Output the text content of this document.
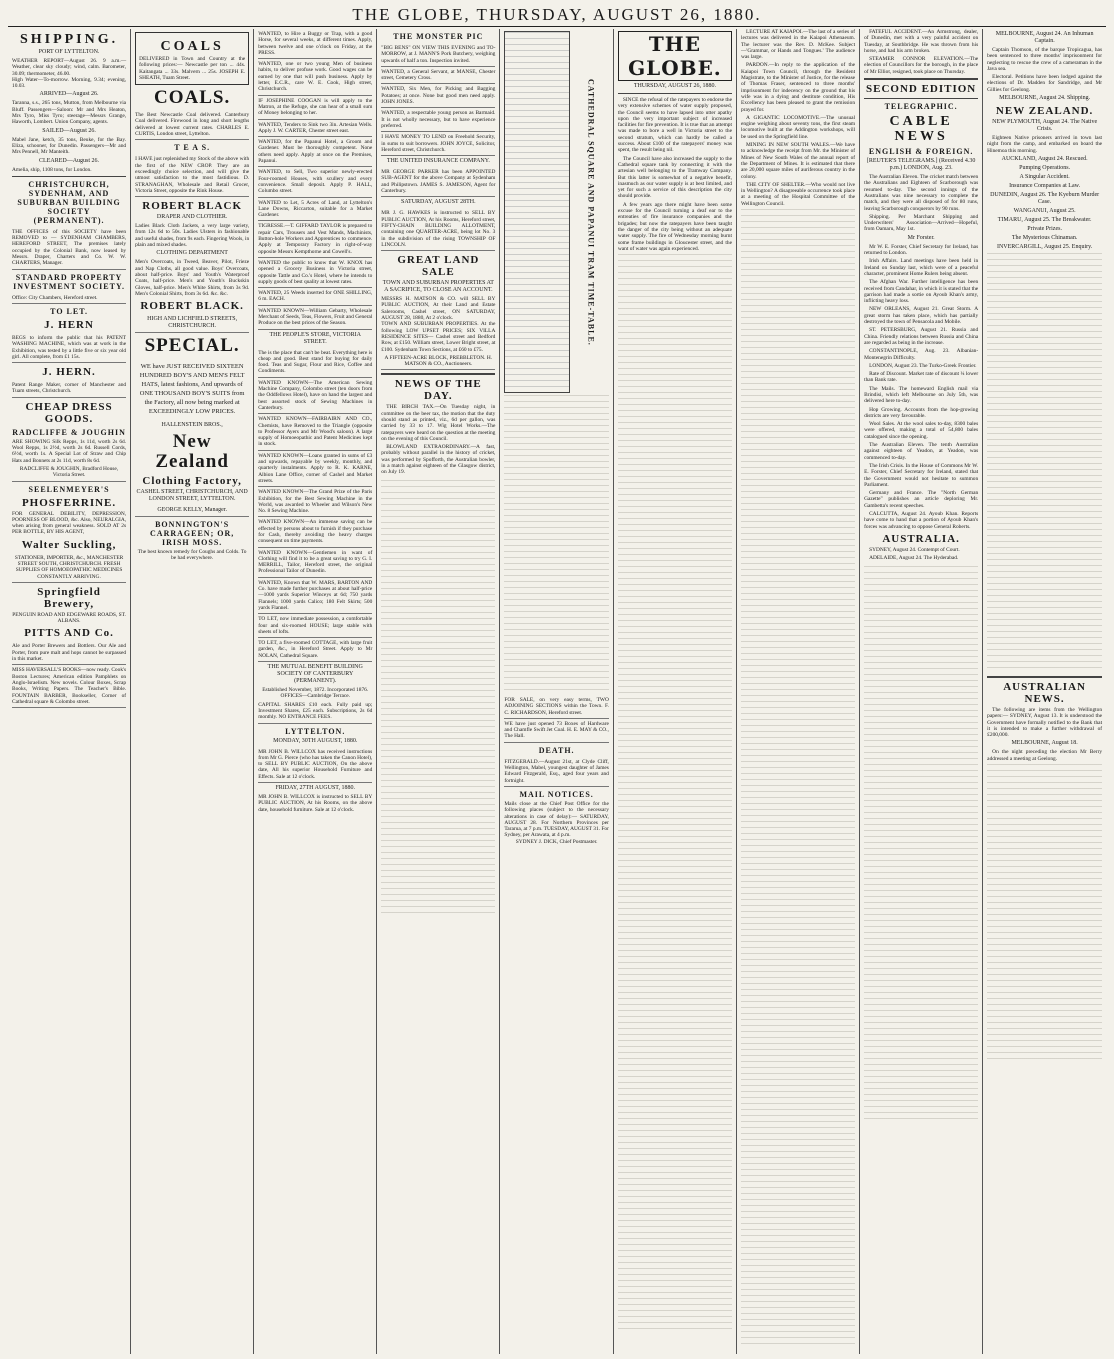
THE GLOBE, THURSDAY, AUGUST 26, 1880.
SHIPPING.
PORT OF LYTTELTON.
WEATHER REPORT—August 26. 9 a.m.—Weather, clear sky cloudy; wind, calm. Barometer, 30.09; thermometer, 46.00.
High Water—To-morrow. Morning, 9.34; evening, 10.03.
ARRIVED—August 26.
Taranna, s.s., 265 tons, Mutton, from Melbourne via Bluff. Passengers—Saloon: Mr and Mrs Heaton, Mrs Tyro, Miss Tyro; steerage—Messrs Grange, Haworth, Lombert. Union Company, agents.
SAILED—August 26.
Mabel Jane, ketch, 35 tons, Beuke, for the Bay. Eliza, schooner, for Dunedin. Passengers—Mr and Mrs Pennell, Mr Manteith.
CLEARED—August 26.
Amelia, ship, 1108 tons, for London.
CHRISTCHURCH, SYDENHAM, AND SUBURBAN BUILDING SOCIETY (PERMANENT).
THE OFFICES of this SOCIETY have been REMOVED to — SYDENHAM CHAMBERS, HEREFORD STREET, The premises lately occupied by the Colonial Bank, now leased by Messrs. Draper, Charters and Co. W. W. CHARTERS, Manager.
STANDARD PROPERTY INVESTMENT SOCIETY.
Office: City Chambers, Hereford street.
TO LET.
J. HERN
BEGS to inform the public that his PATENT WASHING MACHINE, which was at work in the Exhibition, was tested by a little five or six year old girl. All complete, from £1 15s.
J. HERN.
Patent Range Maker, corner of Manchester and Tuam streets, Christchurch.
CHEAP DRESS GOODS.
RADCLIFFE & JOUGHIN
ARE SHOWING Silk Repps, 1s 11d, worth 2s 6d. Wool Repps, 1s 2½d, worth 2s 6d. Russell Cords, 6½d, worth 1s. A Special Lot of Straw and Chip Hats and Bonnets at 2s 11d, worth 8s 6d.
RADCLIFFE & JOUGHIN, Bradford House, Victoria Street.
SEELENMEYER'S
PHOSFERRINE.
FOR GENERAL DEBILITY, DEPRESSION, POORNESS OF BLOOD, &c. Also, NEURALGIA, when arising from general weakness. SOLD AT 2s PER BOTTLE, BY HIS AGENT,
Walter Suckling,
STATIONER, IMPORTER, &c., MANCHESTER STREET SOUTH, CHRISTCHURCH. FRESH SUPPLIES OF HOMOEOPATHIC MEDICINES CONSTANTLY ARRIVING.
Springfield Brewery,
PENGUIN ROAD AND EDGEWARE ROADS, ST. ALBANS.
PITTS AND Co.
Ale and Porter Brewers and Bottlers. Our Ale and Porter, from pure malt and hops cannot be surpassed in this market.
MISS HAVERSALL'S BOOKS—now ready. Cook's Boston Lectures; American edition Pamphlets on Anglo-Israelism. New novels. Colour Boxes, Scrap Books, Writing Papers. The Teacher's Bible. FOUNTAIN BARBER, Bookseller, Corner of Cathedral square & Colombo street.
COALS
DELIVERED in Town and Country at the following prices:— Newcastle per ton ... 44s. Kaitangata ... 33s. Malvern ... 25s. JOSEPH E. SHEATH, Tuam Street.
COALS.
The Best Newcastle Coal delivered. Canterbury Coal delivered. Firewood in long and short lengths delivered at lowest current rates. CHARLES E. CURTIS, London street, Lyttelton.
T E A S.
I HAVE just replenished my Stock of the above with the first of the NEW CROP. They are an exceedingly choice selection, and will give the utmost satisfaction to the most fastidious. D. STRANAGHAN, Wholesale and Retail Grocer, Victoria Street, opposite the Rink House.
ROBERT BLACK
DRAPER AND CLOTHIER.
Ladies Black Cloth Jackets, a very large variety, from 12s 6d to 50s. Ladies Ulsters in fashionable and useful shades, from 9s each. Fingering Wools, in plain and mixed shades.
CLOTHING DEPARTMENT
Men's Overcoats, in Tweed, Beaver, Pilot, Frieze and Nap Cloths, all good value. Boys' Overcoats, about half-price. Boys' and Youth's Waterproof Coats, half-price. Men's and Youth's Buckskin Gloves, half-price. Men's White Shirts, from 3s 9d. Men's Colonial Shirts, from 3s 6d. &c. &c.
ROBERT BLACK.
HIGH AND LICHFIELD STREETS, CHRISTCHURCH.
SPECIAL.
WE have JUST RECEIVED SIXTEEN HUNDRED BOY'S AND MEN'S FELT HATS, latest fashions, And upwards of ONE THOUSAND BOY'S SUITS from the Factory, all now being marked at EXCEEDINGLY LOW PRICES.
HALLENSTEIN BROS.,
New Zealand
Clothing Factory,
CASHEL STREET, CHRISTCHURCH, AND LONDON STREET, LYTTELTON.
GEORGE KELLY, Manager.
BONNINGTON'S CARRAGEEN; OR, IRISH MOSS.
The best known remedy for Coughs and Colds. To be had everywhere.
WANTED, to Hire a Buggy or Trap, with a good Horse, for several weeks, at different times. Apply, between twelve and one o'clock on Friday, at the PRESS.
WANTED, one or two young Men of business habits, to deliver profuse work. Good wages can be earned by one that will push business. Apply by letter, E.C.R., care W. E. Cook, High street, Christchurch.
IF JOSEPHINE COOGAN is will apply to the Matron, at the Refuge, she can hear of a small sum of Money belonging to her.
WANTED, Tenders to Sink two 3in. Artesian Wells. Apply J. W. CARTER, Chester street east.
WANTED, for the Papanui Hotel, a Groom and Gardener. Must be thoroughly competent. None others need apply. Apply at once on the Premises, Papanui.
WANTED, to Sell, Two superior newly-erected Four-roomed Houses, with scullery and every convenience. Small deposit. Apply P. HALL, Columbo street.
WANTED to Let, 5 Acres of Land, at Lyttelton's Lane Downs, Riccarton, suitable for a Market Gardener.
TIGRESSE.—T. GIFFARD TAYLOR is prepared to repair Cars, Trousers and Vest Mands, Machinists, Button-hole Workers and Apprentices to commence. Apply at Temporary Factory in right-of-way opposite Messrs Kempthorne and Cowell's.
WANTED the public to know that W. KNOX has opened a Grocery Business in Victoria street, opposite Tattle and Co.'s Hotel, where he intends to supply goods of best quality at lowest rates.
WANTED, 25 Weeds inserted for ONE SHILLING, 6 m. EACH.
WANTED KNOWN—William Gebarty, Wholesale Merchant of Seeds, Teas, Flowers, Fruit and General Produce on the best prices of the Season.
THE PEOPLE'S STORE, VICTORIA STREET.
The is the place that can't be beat. Everything here is cheap and good. Best stand for buying for daily food. Teas and Sugar, Flour and Rice, Coffee and Condiments.
WANTED KNOWN—The American Sewing Machine Company, Colombo street (ten doors from the Oddfellows Hotel), have on hand the largest and best assorted stock of Sewing Machines in Canterbury.
WANTED KNOWN—FAIRBAIRN AND CO., Chemists, have Removed to the Triangle (opposite to Professor Ayers and Mr Wood's saloon). A large supply of Homoeopathic and Patent Medicines kept in stock.
WANTED KNOWN—Loans granted in sums of £3 and upwards, repayable by weekly, monthly, and quarterly instalments. Apply to R. K. KARNE, Albion Lane Office, corner of Cashel and Market streets.
WANTED KNOWN—The Grand Prize of the Paris Exhibition, for the Best Sewing Machine in the World, was awarded to Wheeler and Wilson's New No. 8 Sewing Machine.
WANTED KNOWN—An immense saving can be effected by persons about to furnish if they purchase for Cash, thereby avoiding the heavy charges consequent on time payments.
WANTED KNOWN—Gentlemen in want of Clothing will find it to be a great saving to try G. I. MERRILL, Tailor, Hereford street, the original Professional Tailor of Dunedin.
WANTED, Known that W. MARS, BARTON AND Co. have made further purchases at about half-price—1000 yards Superior Winceys at 6d; 750 yards Flannels; 1000 yards Calico; 180 Felt Skirts; 500 yards Flannel.
TO LET, now immediate possession, a comfortable four and six-roomed HOUSE; large stable with sheets of lofts.
TO LET, a five-roomed COTTAGE, with large fruit garden, &c., in Hereford Street. Apply to Mr NOLAN, Cathedral Square.
THE MUTUAL BENEFIT BUILDING SOCIETY OF CANTERBURY (PERMANENT).
Established November, 1872. Incorporated 1876. OFFICES—Cambridge Terrace.
CAPITAL SHARES £10 each. Fully paid up; Investment Shares, £25 each. Subscriptions, 2s 6d monthly. NO ENTRANCE FEES.
LYTTELTON.
MONDAY, 30TH AUGUST, 1880.
MR JOHN B. WILLCOX has received instructions from Mr G. Pierce (who has taken the Canon Hotel), to SELL BY PUBLIC AUCTION, On the above date, All his superior Household Furniture and Effects. Sale at 12 o'clock.
FRIDAY, 27TH AUGUST, 1880.
MR JOHN B. WILLCOX is instructed to SELL BY PUBLIC AUCTION, At his Rooms, on the above date, household furniture. Sale at 12 o'clock.
THE MONSTER PIC
"BIG BENS" ON VIEW THIS EVENING and TO-MORROW, at J. MANN'S Pork Butchery, weighing upwards of half a ton. Inspection invited.
WANTED, a General Servant, at MANSE, Chester street, Cemetery Cross.
WANTED, Six Men, for Picking and Bagging Potatoes; at once. None but good men need apply. JOHN JONES.
WANTED, a respectable young person as Barmaid. It is not wholly necessary, but to have experience preferred.
I HAVE MONEY TO LEND on Freehold Security, in sums to suit borrowers. JOHN JOYCE, Solicitor, Hereford street, Christchurch.
THE UNITED INSURANCE COMPANY.
MR GEORGE PARKER has been APPOINTED SUB-AGENT for the above Company at Sydenham and Philipstown. JAMES S. JAMESON, Agent for Canterbury.
SATURDAY, AUGUST 28TH.
MR J. G. HAWKES is instructed to SELL BY PUBLIC AUCTION, At his Rooms, Hereford street, FIFTY-CHAIN BUILDING ALLOTMENT, containing one QUARTER-ACRE, being lot No. 3 in the subdivision of the rising TOWNSHIP OF LINCOLN.
GREAT LAND SALE
TOWN AND SUBURBAN PROPERTIES AT A SACRIFICE, TO CLOSE AN ACCOUNT.
MESSRS H. MATSON & CO. will SELL BY PUBLIC AUCTION, At their Land and Estate Salerooms, Cashel street, ON SATURDAY, AUGUST 28, 1880, At 2 o'clock.
TOWN AND SUBURBAN PROPERTIES. At the following LOW UPSET PRICES; SIX VILLA RESIDENCE SITES— Cashel street and Bedford Row, at £150. William street, Lower Bright street, at £100. Sydenham Town Sections, at £60 to £75.
A FIFTEEN-ACRE BLOCK, PREBBLETON. H. MATSON & CO., Auctioneers.
NEWS OF THE DAY.

THE BIRCH TAX.—On Tuesday night, in committee on the beer tax, the motion that the duty should stand as printed, viz., 6d per gallon, was carried by 33 to 17. Wig Hotel Works.—The ratepayers were heard on the question at the meeting on the evening of this Council.

BLOWLAND EXTRAORDINARY.—A fast, probably without parallel in the history of cricket, was performed by Spofforth, the Australian bowler, in a match against eighteen of the Glasgow district, on July 19.

CATHEDRAL SQUARE AND PAPANUI TRAM TIME-TABLE.
FOR SALE, on very easy terms, TWO ADJOINING SECTIONS within the Town. F. C. RICHARDSON, Hereford street.
WE have just opened 73 Boxes of Hardware and Chamfle Swift Jet Coal. H. E. MAY & CO., The Hall.
DEATH.
FITZGERALD.—August 21st, at Clyde Cliff, Wellington, Mabel, youngest daughter of James Edward Fitzgerald, Esq., aged four years and fortnight.
MAIL NOTICES.
Mails close at the Chief Post Office for the following places (subject to the necessary alterations in case of delay):— SATURDAY, AUGUST 28. For Northern Provinces per Tararua, at 7 p.m. TUESDAY, AUGUST 31. For Sydney, per Arawata, at 4 p.m.
SYDNEY J. DICK, Chief Postmaster.
THE GLOBE.
THURSDAY, AUGUST 26, 1880.

SINCE the refusal of the ratepayers to endorse the very extensive schemes of water supply proposed, the Council seems to have lapsed into utter apathy upon the very important subject of increased facilities for fire prevention. It is true that an attempt was made to bore a well in Victoria street to the second stratum, which can hardly be called a success. About £100 of the ratepayers' money was spent, the result being nil.

The Council have also increased the supply to the Cathedral square tank by connecting it with the artesian well belonging to the Tramway Company. But this latter is somewhat of a negative benefit, inasmuch as our water supply is at best limited, and yet for such a service of this description the city should provide.

A few years ago there might have been some excuse for the Council turning a deaf ear to the entreaties of fire insurance companies and the brigades; but now the ratepayers have been taught the danger of the city being without an adequate water supply. The fire of Wednesday morning burnt some frame buildings in Gloucester street, and the want of water was again experienced.

LECTURE AT KAIAPOI.—The last of a series of lectures was delivered in the Kaiapoi Athenaeum. The lecturer was the Rev. D. McKee. Subject—'Grammar, or Hands and Tongues.' The audience was large.

PARDON.—In reply to the application of the Kaiapoi Town Council, through the Resident Magistrate, to the Minister of Justice, for the release of Thomas Fraser, sentenced to three months' imprisonment for indecency on the ground that his wife was in a dying and destitute condition, His Excellency has been pleased to grant the remission prayed for.

A GIGANTIC LOCOMOTIVE.—The unusual engine weighing about seventy tons, the first steam locomotive built at the Addington workshops, will be used on the Springfield line.

MINING IN NEW SOUTH WALES.—We have to acknowledge the receipt from Mr. the Minister of Mines of New South Wales of the annual report of the Department of Mines. It is estimated that there are 20,000 square miles of auriferous country in the colony.

THE CITY OF SHELTER.—Who would not live in Wellington? A disagreeable occurrence took place at a meeting of the Hospital Committee of the Wellington Council.

FATEFUL ACCIDENT.—An Armstrong, dealer, of Dunedin, met with a very painful accident on Tuesday, at Southbridge. He was thrown from his horse, and had his arm broken.

STEAMER CONNOR ELEVATION.—The election of Councillors for the borough, in the place of Mr Elliot, resigned, took place on Thursday.

SECOND EDITION
TELEGRAPHIC.
CABLE NEWS
ENGLISH & FOREIGN.
[REUTER'S TELEGRAMS.] (Received 4.30 p.m.) LONDON, Aug. 23.

The Australian Eleven. The cricket match between the Australians and Eighteen of Scarborough was resumed to-day. The second innings of the Australians was nine necessary to complete the match, and they were all disposed of for 80 runs, leaving Scarborough conquerors by 90 runs.

Shipping. Per Marchant Shipping and Underwriters' Association—Arrived—Hopeful, from Oamaru, May 1st.

Mr Forster.

Mr W. E. Forster, Chief Secretary for Ireland, has returned to London.

Irish Affairs. Land meetings have been held in Ireland on Sunday last, which were of a peaceful character, prominent Home Rulers being absent.

The Afghan War. Further intelligence has been received from Candahar, in which it is stated that the garrison had made a sortie on Ayoub Khan's army, inflicting heavy loss.

NEW ORLEANS, August 21. Great Storm. A great storm has taken place, which has partially destroyed the town of Pensacola and Mobile.

ST. PETERSBURG, August 21. Russia and China. Friendly relations between Russia and China are regarded as being in the increase.

CONSTANTINOPLE, Aug. 23. Albanian-Montenegrin Difficulty.

LONDON, August 23. The Turko-Greek Frontier.

Rate of Discount. Market rate of discount ¼ lower than Bank rate.

The Mails. The homeward English mail via Brindisi, which left Melbourne on July 5th, was delivered here to-day.

Hop Growing. Accounts from the hop-growing districts are very favourable.

Wool Sales. At the wool sales to-day, 8300 bales were offered, making a total of 54,800 bales catalogued since the opening.

The Australian Eleven. The tenth Australian against eighteen of Yeadon, at Yeadon, was commenced to-day.

The Irish Crisis. In the House of Commons Mr W. E. Forster, Chief Secretary for Ireland, stated that the Government would not hesitate to summon Parliament.

Germany and France. The "North German Gazette" publishes an article deploring Mr. Gambetta's recent speeches.

CALCUTTA, August 24. Ayoub Khan. Reports have come to hand that a portion of Ayoub Khan's forces was advancing to oppose General Roberts.

AUSTRALIA.

SYDNEY, August 24. Contempt of Court.

ADELAIDE, August 24. The Hyderabad.

MELBOURNE, August 24. An Inhuman Captain.

Captain Thomson, of the barque Tropicagua, has been sentenced to three months' imprisonment for neglecting to rescue the crew of a cameraman in the Java sea.

Electoral. Petitions have been lodged against the elections of Dr. Madden for Sandridge, and Mr Gillies for Geelong.

MELBOURNE, August 24. Shipping.
NEW ZEALAND.
NEW PLYMOUTH, August 24. The Native Crisis.

Eighteen Native prisoners arrived in town last night from the camp, and embarked on board the Hinemoa this morning.

AUCKLAND, August 24. Rescued.
Pumping Operations.
A Singular Accident.
Insurance Companies at Law.
DUNEDIN, August 26. The Kyeburn Murder Case.
WANGANUI, August 25.
TIMARU, August 25. The Breakwater.
Private Prizes.
The Mysterious Chinaman.
INVERCARGILL, August 25. Enquiry.
AUSTRALIAN NEWS.

The following are items from the Wellington papers:— SYDNEY, August 13. It is understood the Government have formally notified to the Bank that it is intended to make a further withdrawal of £200,000.

MELBOURNE, August 18.

On the night preceding the election Mr Berry addressed a meeting at Geelong.
